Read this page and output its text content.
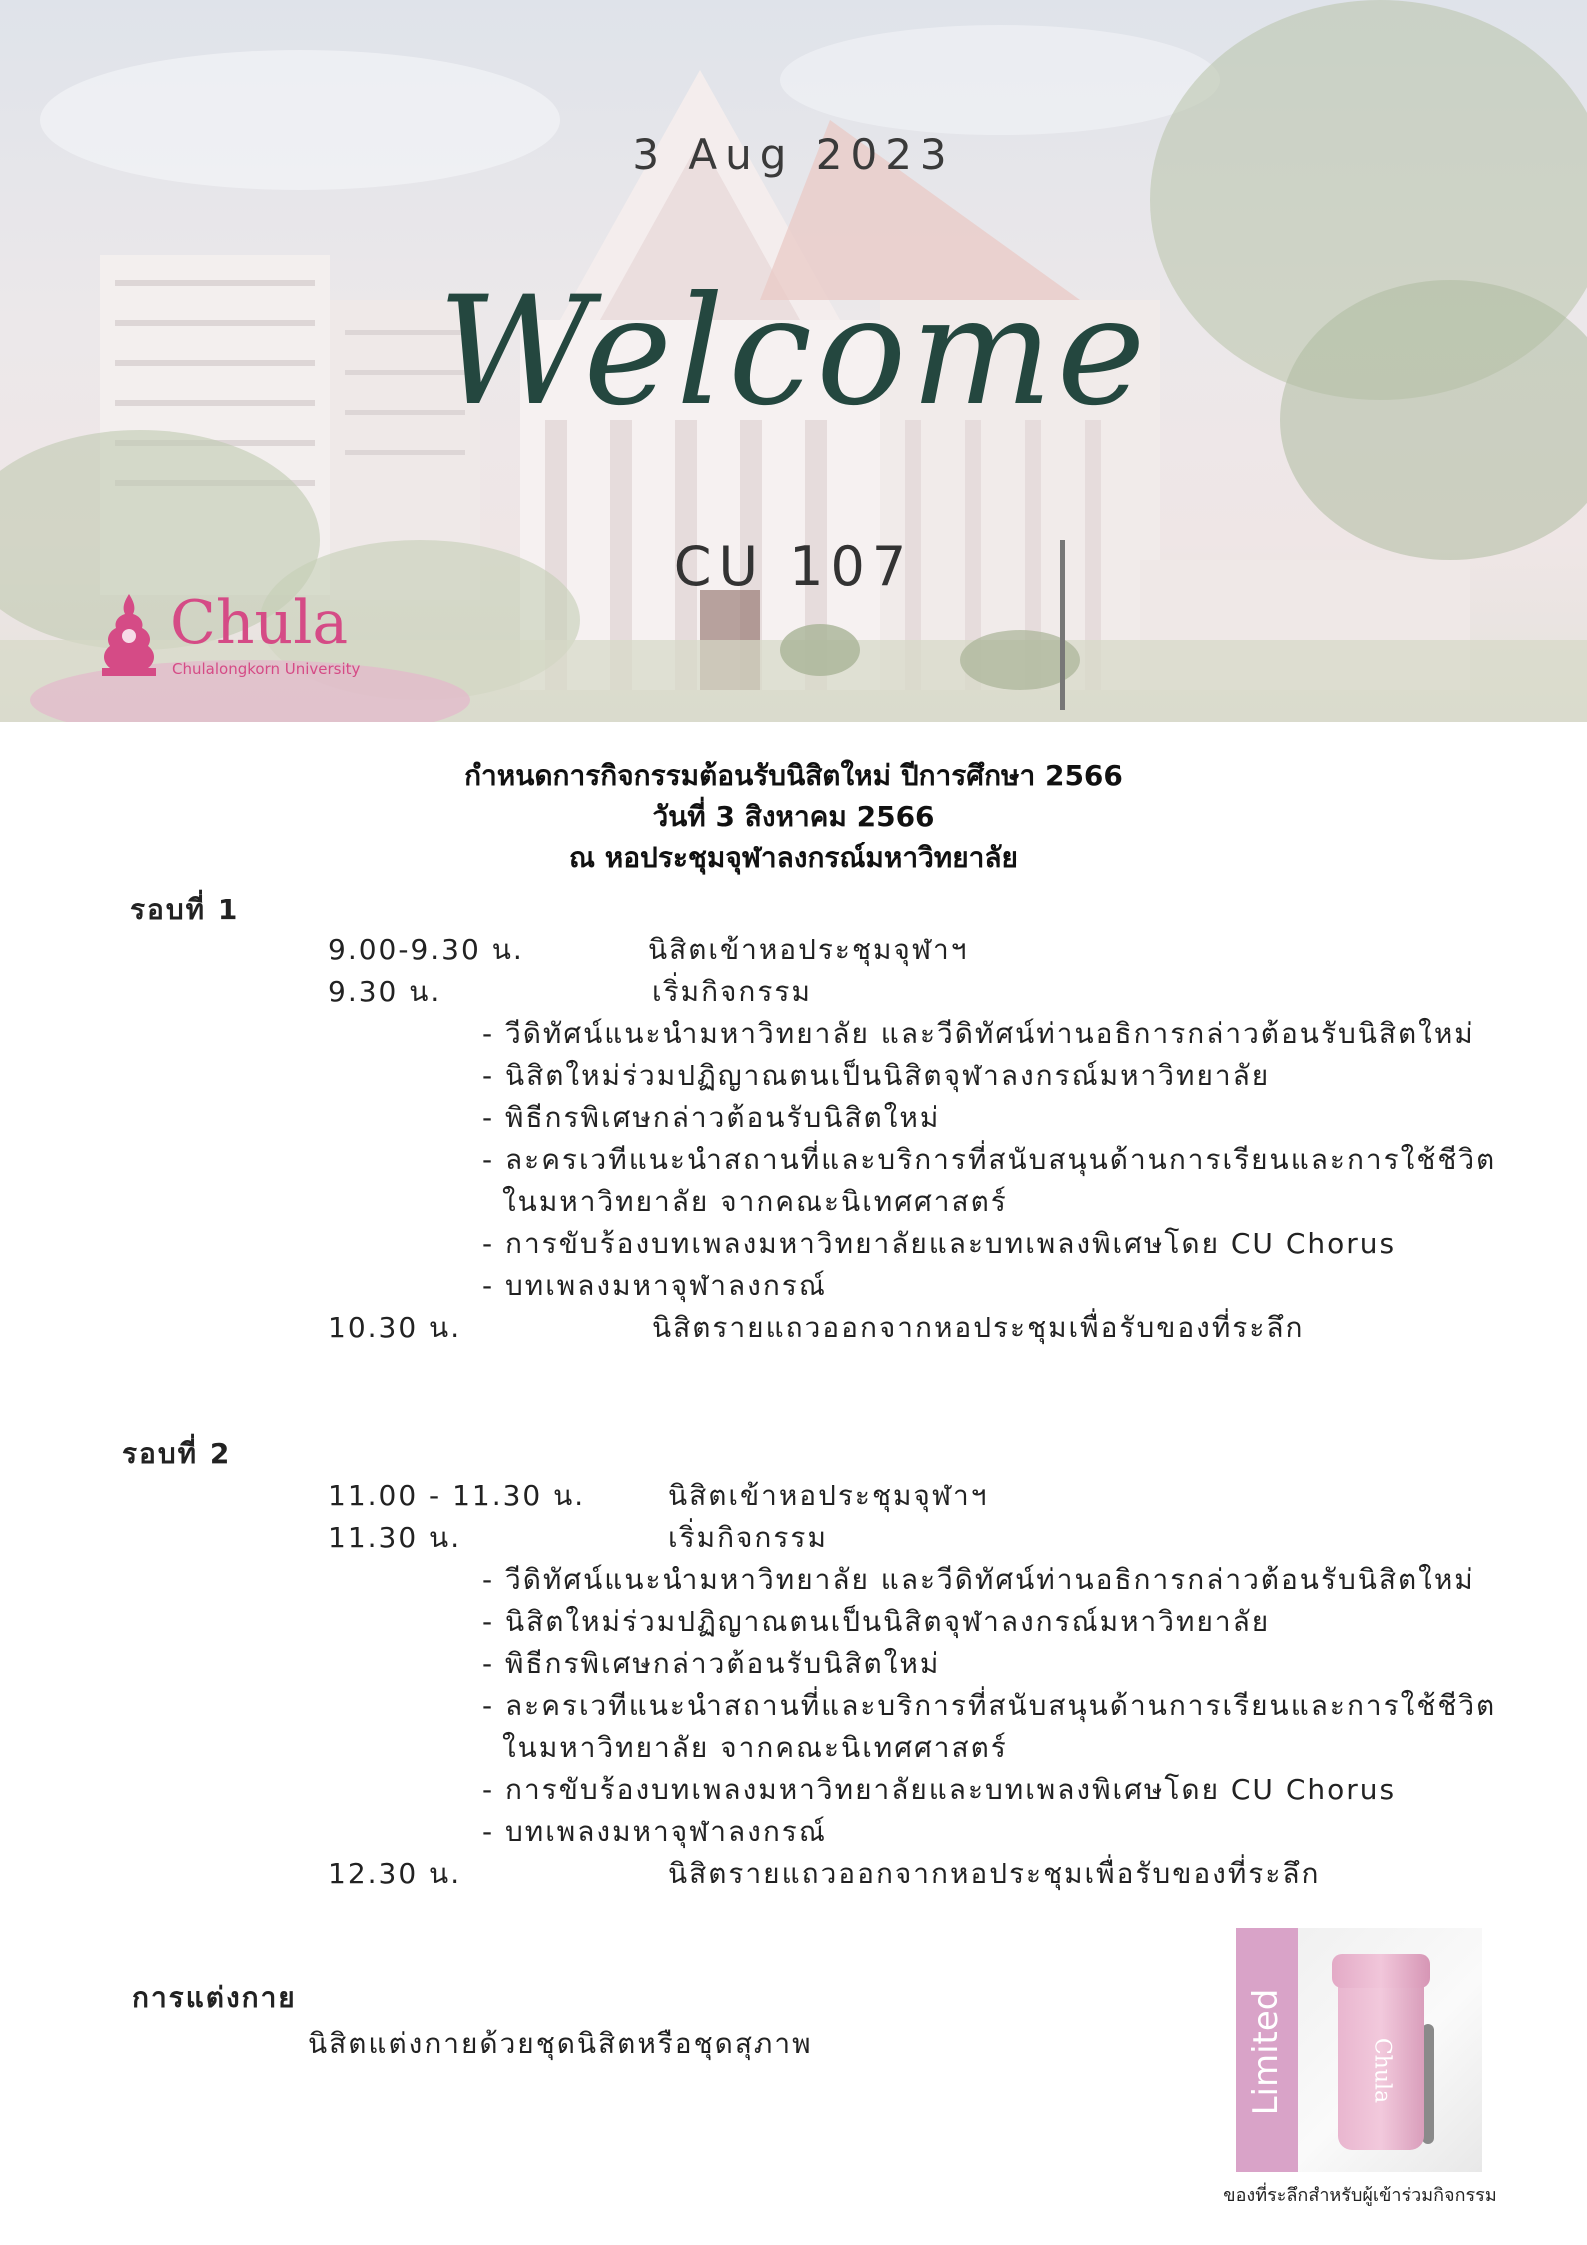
3 Aug 2023
Welcome
CU 107
Chula
Chulalongkorn University
กำหนดการกิจกรรมต้อนรับนิสิตใหม่ ปีการศึกษา 2566
วันที่ 3 สิงหาคม 2566
ณ หอประชุมจุฬาลงกรณ์มหาวิทยาลัย
รอบที่ 1
9.00-9.30 น.	นิสิตเข้าหอประชุมจุฬาฯ
9.30 น.	เริ่มกิจกรรม
- วีดิทัศน์แนะนำมหาวิทยาลัย และวีดิทัศน์ท่านอธิการกล่าวต้อนรับนิสิตใหม่
- นิสิตใหม่ร่วมปฏิญาณตนเป็นนิสิตจุฬาลงกรณ์มหาวิทยาลัย
- พิธีกรพิเศษกล่าวต้อนรับนิสิตใหม่
- ละครเวทีแนะนำสถานที่และบริการที่สนับสนุนด้านการเรียนและการใช้ชีวิต
ในมหาวิทยาลัย จากคณะนิเทศศาสตร์
- การขับร้องบทเพลงมหาวิทยาลัยและบทเพลงพิเศษโดย CU Chorus
- บทเพลงมหาจุฬาลงกรณ์
10.30 น.	นิสิตรายแถวออกจากหอประชุมเพื่อรับของที่ระลึก
รอบที่ 2
11.00 - 11.30 น.	นิสิตเข้าหอประชุมจุฬาฯ
11.30 น.	เริ่มกิจกรรม
- วีดิทัศน์แนะนำมหาวิทยาลัย และวีดิทัศน์ท่านอธิการกล่าวต้อนรับนิสิตใหม่
- นิสิตใหม่ร่วมปฏิญาณตนเป็นนิสิตจุฬาลงกรณ์มหาวิทยาลัย
- พิธีกรพิเศษกล่าวต้อนรับนิสิตใหม่
- ละครเวทีแนะนำสถานที่และบริการที่สนับสนุนด้านการเรียนและการใช้ชีวิต
ในมหาวิทยาลัย จากคณะนิเทศศาสตร์
- การขับร้องบทเพลงมหาวิทยาลัยและบทเพลงพิเศษโดย CU Chorus
- บทเพลงมหาจุฬาลงกรณ์
12.30 น.	นิสิตรายแถวออกจากหอประชุมเพื่อรับของที่ระลึก
การแต่งกาย
นิสิตแต่งกายด้วยชุดนิสิตหรือชุดสุภาพ	Limited	Chula
ของที่ระลึกสำหรับผู้เข้าร่วมกิจกรรม
